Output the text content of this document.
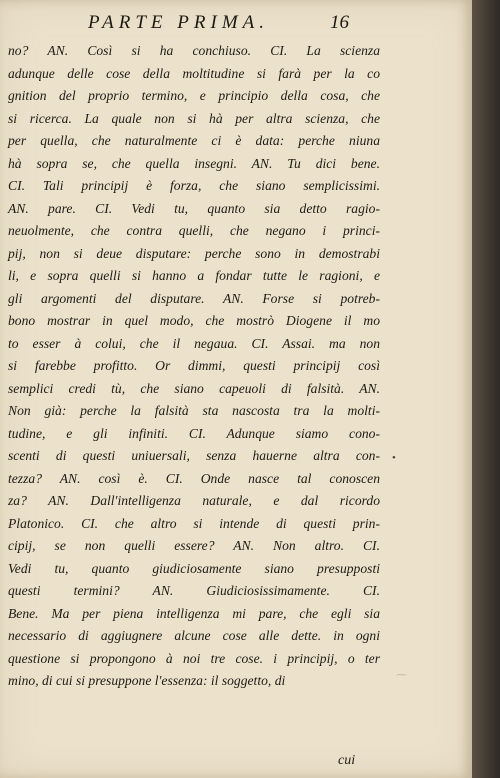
PARTE PRIMA.	16
no? AN. Così si ha conchiuso. CI. La scienza
adunque delle cose della moltitudine si farà per la co
gnition del proprio termino, e principio della cosa, che
si ricerca. La quale non si hà per altra scienza, che
per quella, che naturalmente ci è data: perche niuna
hà sopra se, che quella insegni. AN. Tu dici bene.
CI. Tali principij è forza, che siano semplicissimi.
AN. pare. CI. Vedi tu, quanto sia detto ragio-
neuolmente, che contra quelli, che negano i princi-
pij, non si deue disputare: perche sono in demostrabi
li, e sopra quelli si hanno a fondar tutte le ragioni, e
gli argomenti del disputare. AN. Forse si potreb-
bono mostrar in quel modo, che mostrò Diogene il mo
to esser à colui, che il negaua. CI. Assai. ma non
si farebbe profitto. Or dimmi, questi principij così
semplici credi tù, che siano capeuoli di falsità. AN.
Non già: perche la falsità sta nascosta tra la molti-
tudine, e gli infiniti. CI. Adunque siamo cono-
scenti di questi uniuersali, senza hauerne altra con-
tezza? AN. così è. CI. Onde nasce tal conoscen
za? AN. Dall'intelligenza naturale, e dal ricordo
Platonico. CI. che altro si intende di questi prin-
cipij, se non quelli essere? AN. Non altro. CI.
Vedi tu, quanto giudiciosamente siano presupposti
questi termini? AN. Giudiciosissimamente. CI.
Bene. Ma per piena intelligenza mi pare, che egli sia
necessario di aggiugnere alcune cose alle dette. in ogni
questione si propongono à noi tre cose. i principij, o ter
mino, di cui si presuppone l'essenza: il soggetto, di
•
⁓
cui
